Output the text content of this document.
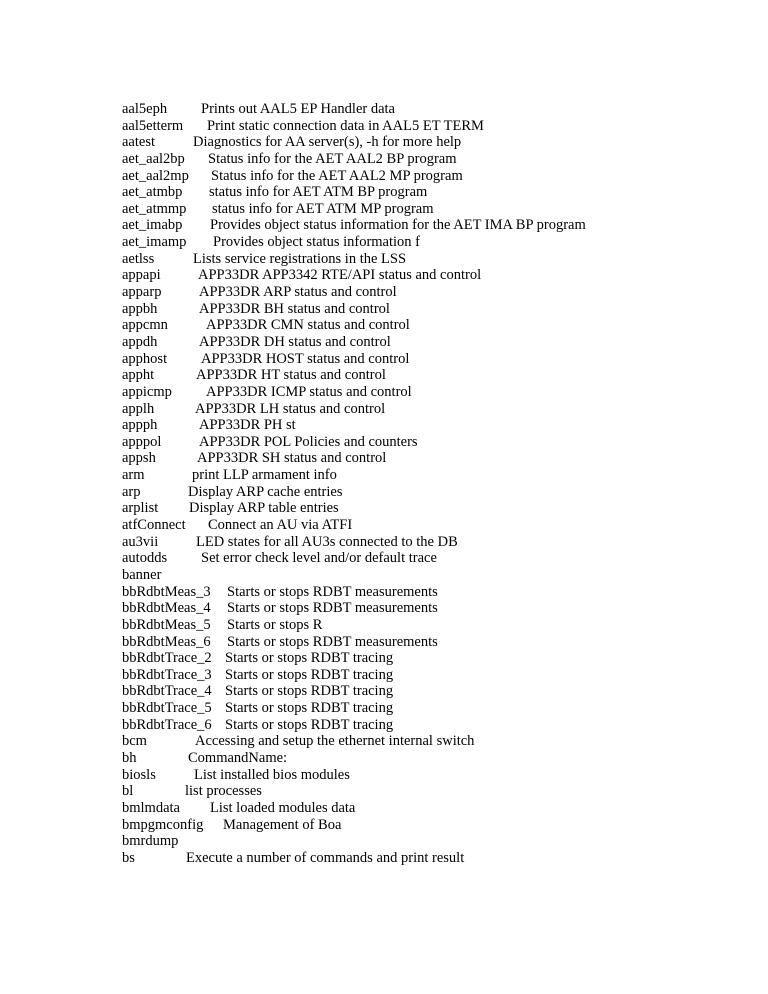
aal5eph Prints out AAL5 EP Handler data
aal5etterm Print static connection data in AAL5 ET TERM
aatest	Diagnostics for AA server(s), -h for more help
aet_aal2bp Status info for the AET AAL2 BP program
aet_aal2mp Status info for the AET AAL2 MP program
aet_atmbp status info for AET ATM BP program
aet_atmmp status info for AET ATM MP program
aet_imabp Provides object status information for the AET IMA BP program
aet_imamp Provides object status information f
aetlss	Lists service registrations in the LSS
appapi	APP33DR APP3342 RTE/API status and control
apparp	APP33DR ARP status and control
appbh	APP33DR BH status and control
appcmn	APP33DR CMN status and control
appdh	APP33DR DH status and control
apphost APP33DR HOST status and control
appht	APP33DR HT status and control
appicmp APP33DR ICMP status and control
applh	APP33DR LH status and control
appph	APP33DR PH st
apppol	APP33DR POL Policies and counters
appsh	APP33DR SH status and control
arm	print LLP armament info
arp	Display ARP cache entries
arplist Display ARP table entries
atfConnect Connect an AU via ATFI
au3vii	LED states for all AU3s connected to the DB
autodds Set error check level and/or default trace
banner
bbRdbtMeas_3 Starts or stops RDBT measurements
bbRdbtMeas_4 Starts or stops RDBT measurements
bbRdbtMeas_5 Starts or stops R
bbRdbtMeas_6 Starts or stops RDBT measurements
bbRdbtTrace_2 Starts or stops RDBT tracing
bbRdbtTrace_3 Starts or stops RDBT tracing
bbRdbtTrace_4 Starts or stops RDBT tracing
bbRdbtTrace_5 Starts or stops RDBT tracing
bbRdbtTrace_6 Starts or stops RDBT tracing
bcm	Accessing and setup the ethernet internal switch
bh	CommandName:
biosls	List installed bios modules
bl	list processes
bmlmdata List loaded modules data
bmpgmconfig Management of Boa
bmrdump
bs	Execute a number of commands and print result
